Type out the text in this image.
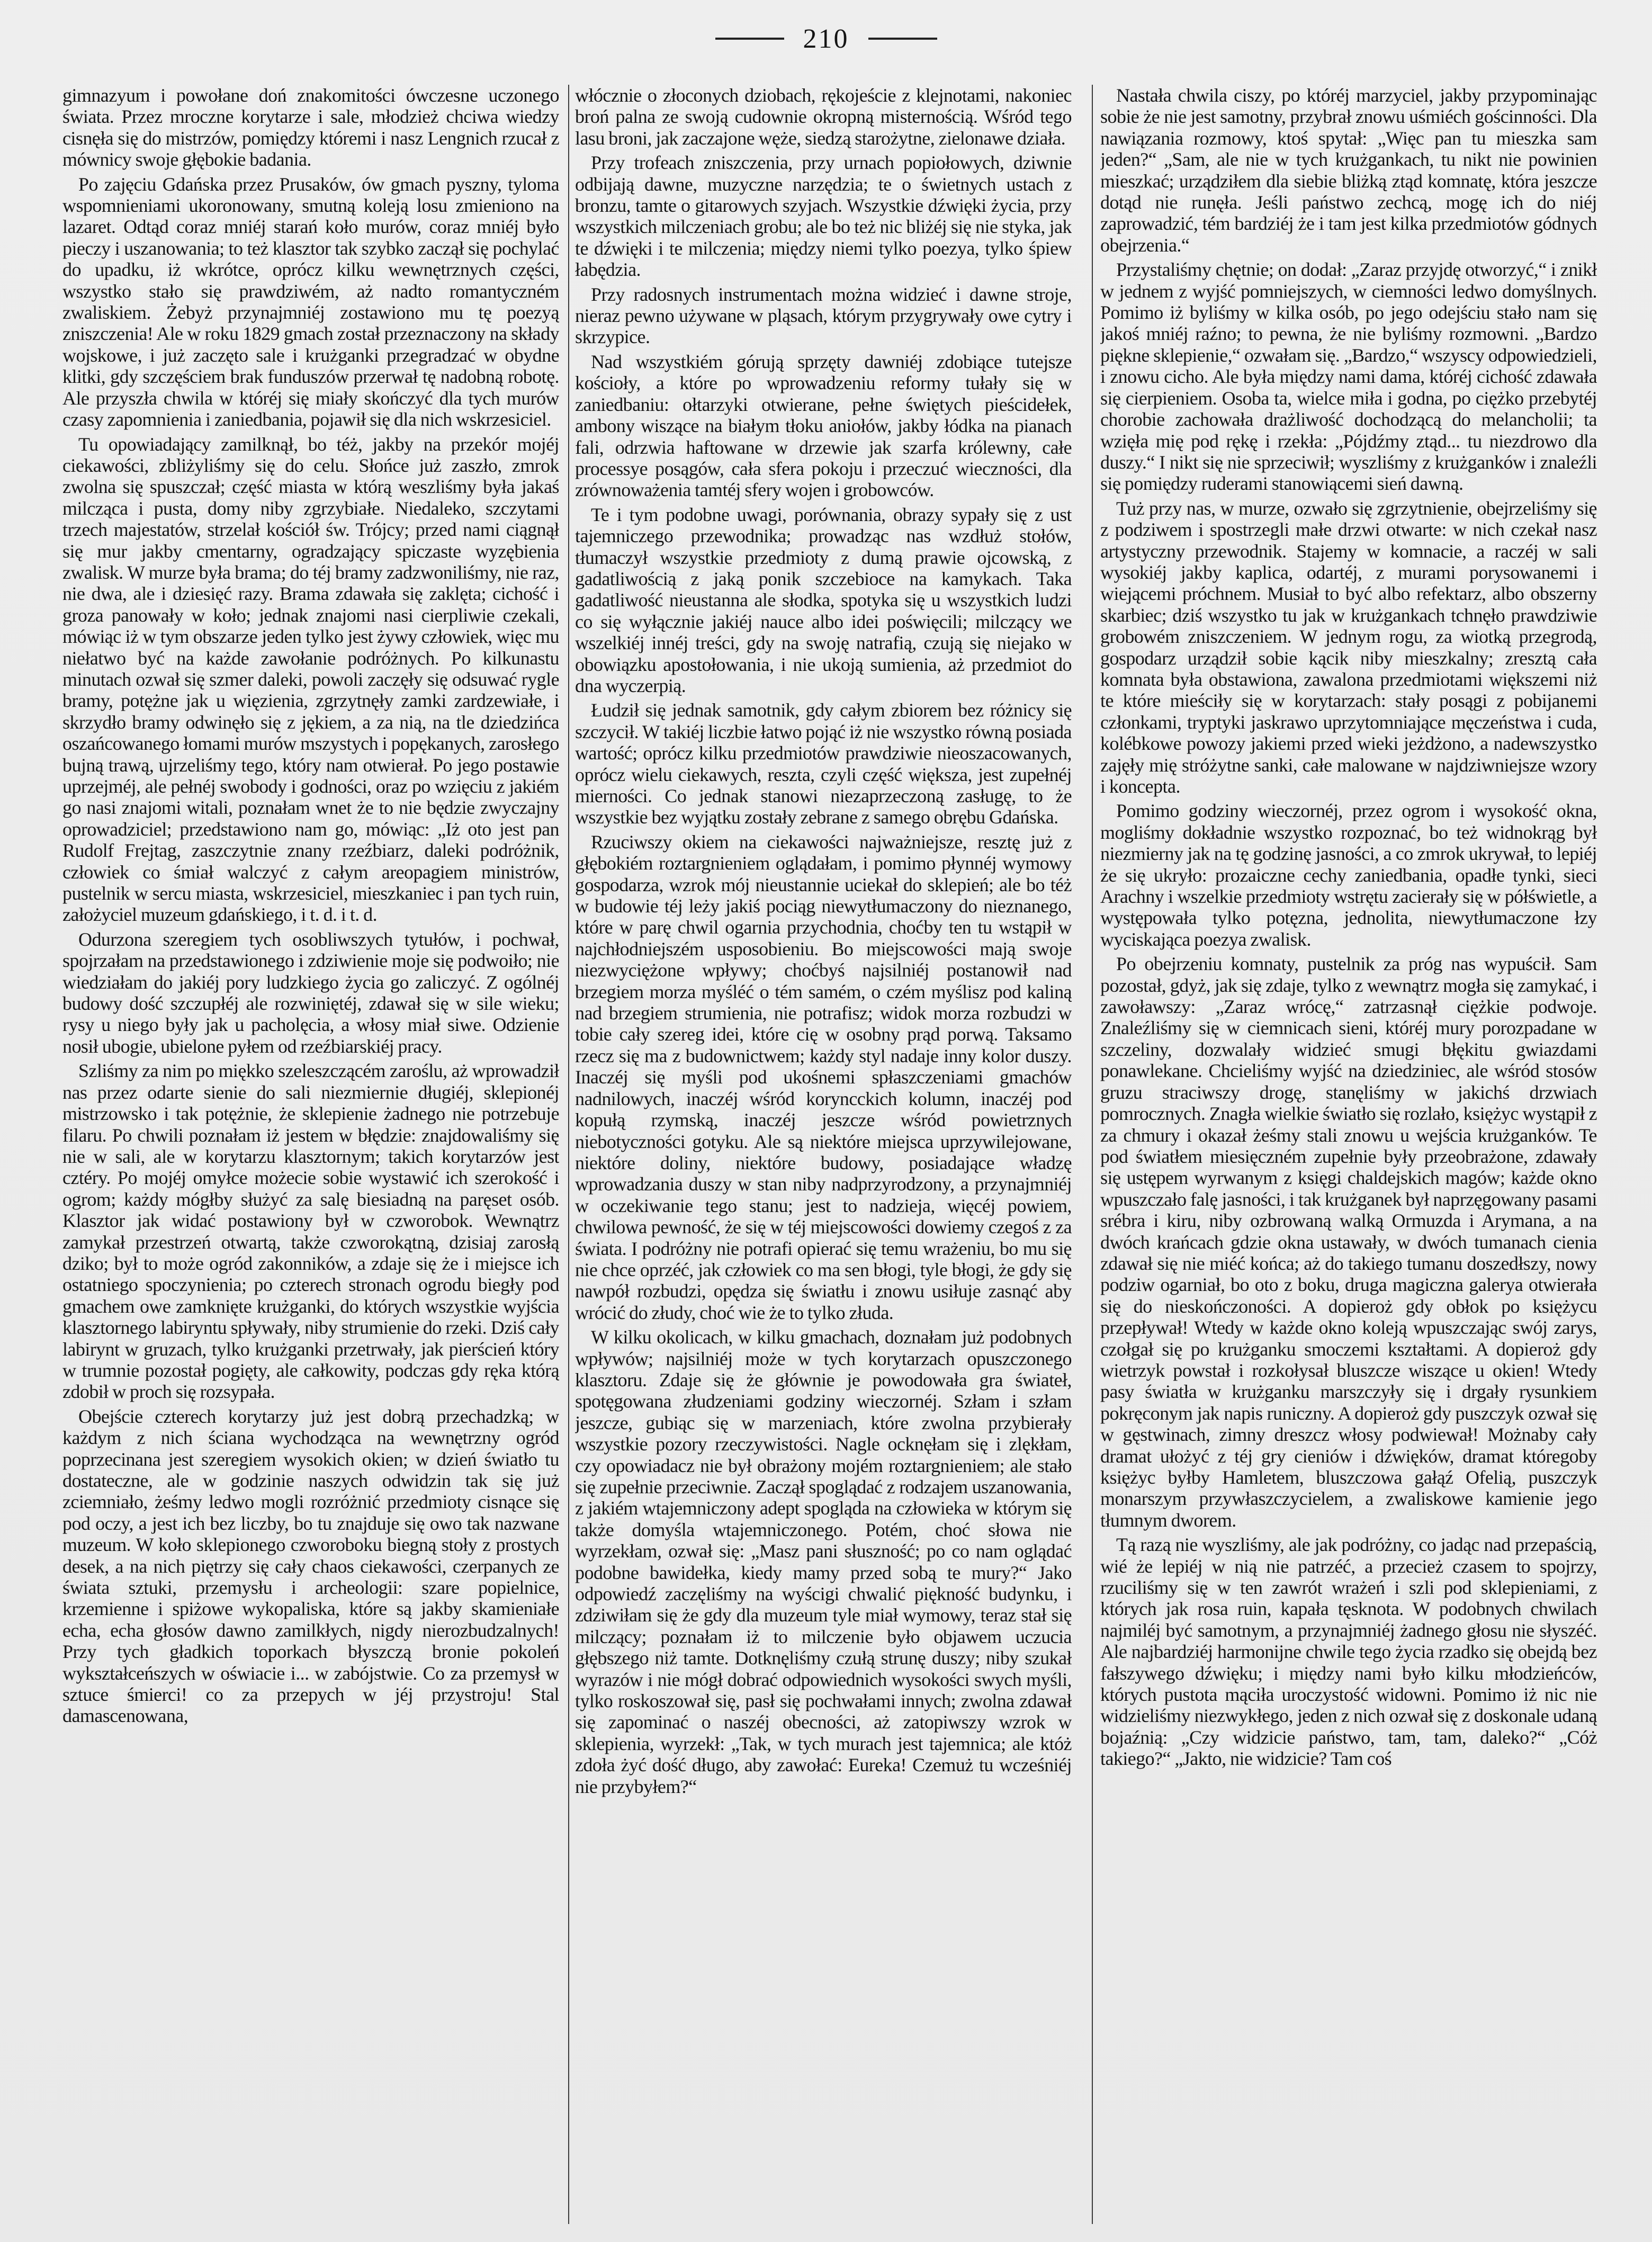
210

gimnazyum i powołane doń znakomitości ówczesne uczonego świata. Przez mroczne korytarze i sale, młodzież chciwa wiedzy cisnęła się do mistrzów, pomiędzy któremi i nasz Lengnich rzucał z mównicy swoje głębokie badania.

Po zajęciu Gdańska przez Prusaków, ów gmach pyszny, tyloma wspomnieniami ukoronowany, smutną koleją losu zmieniono na lazaret. Odtąd coraz mniéj starań koło murów, coraz mniéj było pieczy i uszanowania; to też klasztor tak szybko zaczął się pochylać do upadku, iż wkrótce, oprócz kilku wewnętrznych części, wszystko stało się prawdziwém, aż nadto romantyczném zwaliskiem. Żebyż przynajmniéj zostawiono mu tę poezyą zniszczenia! Ale w roku 1829 gmach został przeznaczony na składy wojskowe, i już zaczęto sale i krużganki przegradzać w obydne klitki, gdy szczęściem brak funduszów przerwał tę nadobną robotę. Ale przyszła chwila w któréj się miały skończyć dla tych murów czasy zapomnienia i zaniedbania, pojawił się dla nich wskrzesiciel.

Tu opowiadający zamilknął, bo téż, jakby na przekór mojéj ciekawości, zbliżyliśmy się do celu. Słońce już zaszło, zmrok zwolna się spuszczał; część miasta w którą weszliśmy była jakaś milcząca i pusta, domy niby zgrzybiałe. Niedaleko, szczytami trzech majestatów, strzelał kościół św. Trójcy; przed nami ciągnął się mur jakby cmentarny, ogradzający spiczaste wyzębienia zwalisk. W murze była brama; do téj bramy zadzwoniliśmy, nie raz, nie dwa, ale i dziesięć razy. Brama zdawała się zaklęta; cichość i groza panowały w koło; jednak znajomi nasi cierpliwie czekali, mówiąc iż w tym obszarze jeden tylko jest żywy człowiek, więc mu niełatwo być na każde zawołanie podróżnych. Po kilkunastu minutach ozwał się szmer daleki, powoli zaczęły się odsuwać rygle bramy, potężne jak u więzienia, zgrzytnęły zamki zardzewiałe, i skrzydło bramy odwinęło się z jękiem, a za nią, na tle dziedzińca oszańcowanego łomami murów mszystych i popękanych, zarosłego bujną trawą, ujrzeliśmy tego, który nam otwierał. Po jego postawie uprzejméj, ale pełnéj swobody i godności, oraz po wzięciu z jakiém go nasi znajomi witali, poznałam wnet że to nie będzie zwyczajny oprowadziciel; przedstawiono nam go, mówiąc: „Iż oto jest pan Rudolf Frejtag, zaszczytnie znany rzeźbiarz, daleki podróżnik, człowiek co śmiał walczyć z całym areopagiem ministrów, pustelnik w sercu miasta, wskrzesiciel, mieszkaniec i pan tych ruin, założyciel muzeum gdańskiego, i t. d. i t. d.

Odurzona szeregiem tych osobliwszych tytułów, i pochwał, spojrzałam na przedstawionego i zdziwienie moje się podwoiło; nie wiedziałam do jakiéj pory ludzkiego życia go zaliczyć. Z ogólnéj budowy dość szczupłéj ale rozwiniętéj, zdawał się w sile wieku; rysy u niego były jak u pacholęcia, a włosy miał siwe. Odzienie nosił ubogie, ubielone pyłem od rzeźbiarskiéj pracy.

Szliśmy za nim po miękko szeleszczącém zaroślu, aż wprowadził nas przez odarte sienie do sali niezmiernie długiéj, sklepionéj mistrzowsko i tak potężnie, że sklepienie żadnego nie potrzebuje filaru. Po chwili poznałam iż jestem w błędzie: znajdowaliśmy się nie w sali, ale w korytarzu klasztornym; takich korytarzów jest cztéry. Po mojéj omyłce możecie sobie wystawić ich szerokość i ogrom; każdy mógłby służyć za salę biesiadną na paręset osób. Klasztor jak widać postawiony był w czworobok. Wewnątrz zamykał przestrzeń otwartą, także czworokątną, dzisiaj zarosłą dziko; był to może ogród zakonników, a zdaje się że i miejsce ich ostatniego spoczynienia; po czterech stronach ogrodu biegły pod gmachem owe zamknięte krużganki, do których wszystkie wyjścia klasztornego labiryntu spływały, niby strumienie do rzeki. Dziś cały labirynt w gruzach, tylko krużganki przetrwały, jak pierścień który w trumnie pozostał pogięty, ale całkowity, podczas gdy ręka którą zdobił w proch się rozsypała.

Obejście czterech korytarzy już jest dobrą przechadzką; w każdym z nich ściana wychodząca na wewnętrzny ogród poprzecinana jest szeregiem wysokich okien; w dzień światło tu dostateczne, ale w godzinie naszych odwidzin tak się już zciemniało, żeśmy ledwo mogli rozróżnić przedmioty cisnące się pod oczy, a jest ich bez liczby, bo tu znajduje się owo tak nazwane muzeum. W koło sklepionego czworoboku biegną stoły z prostych desek, a na nich piętrzy się cały chaos ciekawości, czerpanych ze świata sztuki, przemysłu i archeologii: szare popielnice, krzemienne i spiżowe wykopaliska, które są jakby skamieniałe echa, echa głosów dawno zamilkłych, nigdy nierozbudzalnych! Przy tych gładkich toporkach błyszczą bronie pokoleń wykształceńszych w oświacie i... w zabójstwie. Co za przemysł w sztuce śmierci! co za przepych w jéj przystroju! Stal damascenowana,

włócznie o złoconych dziobach, rękojeście z klejnotami, nakoniec broń palna ze swoją cudownie okropną misternością. Wśród tego lasu broni, jak zaczajone węże, siedzą starożytne, zielonawe działa.

Przy trofeach zniszczenia, przy urnach popiołowych, dziwnie odbijają dawne, muzyczne narzędzia; te o świetnych ustach z bronzu, tamte o gitarowych szyjach. Wszystkie dźwięki życia, przy wszystkich milczeniach grobu; ale bo też nic bliżéj się nie styka, jak te dźwięki i te milczenia; między niemi tylko poezya, tylko śpiew łabędzia.

Przy radosnych instrumentach można widzieć i dawne stroje, nieraz pewno używane w pląsach, którym przygrywały owe cytry i skrzypice.

Nad wszystkiém górują sprzęty dawniéj zdobiące tutejsze kościoły, a które po wprowadzeniu reformy tułały się w zaniedbaniu: ołtarzyki otwierane, pełne świętych pieścidełek, ambony wiszące na białym tłoku aniołów, jakby łódka na pianach fali, odrzwia haftowane w drzewie jak szarfa królewny, całe processye posągów, cała sfera pokoju i przeczuć wieczności, dla zrównoważenia tamtéj sfery wojen i grobowców.

Te i tym podobne uwagi, porównania, obrazy sypały się z ust tajemniczego przewodnika; prowadząc nas wzdłuż stołów, tłumaczył wszystkie przedmioty z dumą prawie ojcowską, z gadatliwością z jaką ponik szczebioce na kamykach. Taka gadatliwość nieustanna ale słodka, spotyka się u wszystkich ludzi co się wyłącznie jakiéj nauce albo idei poświęcili; milczący we wszelkiéj innéj treści, gdy na swoję natrafią, czują się niejako w obowiązku apostołowania, i nie ukoją sumienia, aż przedmiot do dna wyczerpią.

Łudził się jednak samotnik, gdy całym zbiorem bez różnicy się szczycił. W takiéj liczbie łatwo pojąć iż nie wszystko równą posiada wartość; oprócz kilku przedmiotów prawdziwie nieoszacowanych, oprócz wielu ciekawych, reszta, czyli część większa, jest zupełnéj mierności. Co jednak stanowi niezaprzeczoną zasługę, to że wszystkie bez wyjątku zostały zebrane z samego obrębu Gdańska.

Rzuciwszy okiem na ciekawości najważniejsze, resztę już z głębokiém roztargnieniem oglądałam, i pomimo płynnéj wymowy gospodarza, wzrok mój nieustannie uciekał do sklepień; ale bo téż w budowie téj leży jakiś pociąg niewytłumaczony do nieznanego, które w parę chwil ogarnia przychodnia, choćby ten tu wstąpił w najchłodniejszém usposobieniu. Bo miejscowości mają swoje niezwyciężone wpływy; choćbyś najsilniéj postanowił nad brzegiem morza myśléć o tém samém, o czém myślisz pod kaliną nad brzegiem strumienia, nie potrafisz; widok morza rozbudzi w tobie cały szereg idei, które cię w osobny prąd porwą. Taksamo rzecz się ma z budownictwem; każdy styl nadaje inny kolor duszy. Inaczéj się myśli pod ukośnemi spłaszczeniami gmachów nadnilowych, inaczéj wśród koryncckich kolumn, inaczéj pod kopułą rzymską, inaczéj jeszcze wśród powietrznych niebotyczności gotyku. Ale są niektóre miejsca uprzywilejowane, niektóre doliny, niektóre budowy, posiadające władzę wprowadzania duszy w stan niby nadprzyrodzony, a przynajmniéj w oczekiwanie tego stanu; jest to nadzieja, więcéj powiem, chwilowa pewność, że się w téj miejscowości dowiemy czegoś z za świata. I podróżny nie potrafi opierać się temu wrażeniu, bo mu się nie chce oprzéć, jak człowiek co ma sen błogi, tyle błogi, że gdy się nawpół rozbudzi, opędza się światłu i znowu usiłuje zasnąć aby wrócić do złudy, choć wie że to tylko złuda.

W kilku okolicach, w kilku gmachach, doznałam już podobnych wpływów; najsilniéj może w tych korytarzach opuszczonego klasztoru. Zdaje się że głównie je powodowała gra świateł, spotęgowana złudzeniami godziny wieczornéj. Szłam i szłam jeszcze, gubiąc się w marzeniach, które zwolna przybierały wszystkie pozory rzeczywistości. Nagle ocknęłam się i zlękłam, czy opowiadacz nie był obrażony mojém roztargnieniem; ale stało się zupełnie przeciwnie. Zaczął spoglądać z rodzajem uszanowania, z jakiém wtajemniczony adept spogląda na człowieka w którym się także domyśla wtajemniczonego. Potém, choć słowa nie wyrzekłam, ozwał się: „Masz pani słuszność; po co nam oglądać podobne bawidełka, kiedy mamy przed sobą te mury?“ Jako odpowiedź zaczęliśmy na wyścigi chwalić piękność budynku, i zdziwiłam się że gdy dla muzeum tyle miał wymowy, teraz stał się milczący; poznałam iż to milczenie było objawem uczucia głębszego niż tamte. Dotknęliśmy czułą strunę duszy; niby szukał wyrazów i nie mógł dobrać odpowiednich wysokości swych myśli, tylko roskoszował się, pasł się pochwałami innych; zwolna zdawał się zapominać o naszéj obecności, aż zatopiwszy wzrok w sklepienia, wyrzekł: „Tak, w tych murach jest tajemnica; ale któż zdoła żyć dość długo, aby zawołać: Eureka! Czemuż tu wcześniéj nie przybyłem?“

Nastała chwila ciszy, po któréj marzyciel, jakby przypominając sobie że nie jest samotny, przybrał znowu uśmiéch gościnności. Dla nawiązania rozmowy, ktoś spytał: „Więc pan tu mieszka sam jeden?“ „Sam, ale nie w tych krużgankach, tu nikt nie powinien mieszkać; urządziłem dla siebie bliżką ztąd komnatę, która jeszcze dotąd nie runęła. Jeśli państwo zechcą, mogę ich do niéj zaprowadzić, tém bardziéj że i tam jest kilka przedmiotów gódnych obejrzenia.“

Przystaliśmy chętnie; on dodał: „Zaraz przyjdę otworzyć,“ i znikł w jednem z wyjść pomniejszych, w ciemności ledwo domyślnych. Pomimo iż byliśmy w kilka osób, po jego odejściu stało nam się jakoś mniéj raźno; to pewna, że nie byliśmy rozmowni. „Bardzo piękne sklepienie,“ ozwałam się. „Bardzo,“ wszyscy odpowiedzieli, i znowu cicho. Ale była między nami dama, któréj cichość zdawała się cierpieniem. Osoba ta, wielce miła i godna, po ciężko przebytéj chorobie zachowała drażliwość dochodzącą do melancholii; ta wzięła mię pod rękę i rzekła: „Pójdźmy ztąd... tu niezdrowo dla duszy.“ I nikt się nie sprzeciwił; wyszliśmy z krużganków i znaleźli się pomiędzy ruderami stanowiącemi sień dawną.

Tuż przy nas, w murze, ozwało się zgrzytnienie, obejrzeliśmy się z podziwem i spostrzegli małe drzwi otwarte: w nich czekał nasz artystyczny przewodnik. Stajemy w komnacie, a raczéj w sali wysokiéj jakby kaplica, odartéj, z murami porysowanemi i wiejącemi próchnem. Musiał to być albo refektarz, albo obszerny skarbiec; dziś wszystko tu jak w krużgankach tchnęło prawdziwie grobowém zniszczeniem. W jednym rogu, za wiotką przegrodą, gospodarz urządził sobie kącik niby mieszkalny; zresztą cała komnata była obstawiona, zawalona przedmiotami większemi niż te które mieściły się w korytarzach: stały posągi z pobijanemi członkami, tryptyki jaskrawo uprzytomniające męczeństwa i cuda, kolébkowe powozy jakiemi przed wieki jeżdżono, a nadewszystko zajęły mię stróżytne sanki, całe malowane w najdziwniejsze wzory i koncepta.

Pomimo godziny wieczornéj, przez ogrom i wysokość okna, mogliśmy dokładnie wszystko rozpoznać, bo też widnokrąg był niezmierny jak na tę godzinę jasności, a co zmrok ukrywał, to lepiéj że się ukryło: prozaiczne cechy zaniedbania, opadłe tynki, sieci Arachny i wszelkie przedmioty wstrętu zacierały się w półświetle, a występowała tylko potęzna, jednolita, niewytłumaczone łzy wyciskająca poezya zwalisk.

Po obejrzeniu komnaty, pustelnik za próg nas wypuścił. Sam pozostał, gdyż, jak się zdaje, tylko z wewnątrz mogła się zamykać, i zawoławszy: „Zaraz wrócę,“ zatrzasnął ciężkie podwoje. Znaleźliśmy się w ciemnicach sieni, któréj mury porozpadane w szczeliny, dozwalały widzieć smugi błękitu gwiazdami ponawlekane. Chcieliśmy wyjść na dziedziniec, ale wśród stosów gruzu straciwszy drogę, stanęliśmy w jakichś drzwiach pomrocznych. Znagła wielkie światło się rozlało, księżyc wystąpił z za chmury i okazał żeśmy stali znowu u wejścia krużganków. Te pod światłem miesięczném zupełnie były przeobrażone, zdawały się ustępem wyrwanym z księgi chaldejskich magów; każde okno wpuszczało falę jasności, i tak krużganek był naprzęgowany pasami srébra i kiru, niby ozbrowaną walką Ormuzda i Arymana, a na dwóch krańcach gdzie okna ustawały, w dwóch tumanach cienia zdawał się nie miéć końca; aż do takiego tumanu doszedłszy, nowy podziw ogarniał, bo oto z boku, druga magiczna galerya otwierała się do nieskończoności. A dopieroż gdy obłok po księżycu przepływał! Wtedy w każde okno koleją wpuszczając swój zarys, czołgał się po krużganku smoczemi kształtami. A dopieroż gdy wietrzyk powstał i rozkołysał bluszcze wiszące u okien! Wtedy pasy światła w krużganku marszczyły się i drgały rysunkiem pokręconym jak napis runiczny. A dopieroż gdy puszczyk ozwał się w gęstwinach, zimny dreszcz włosy podwiewał! Możnaby cały dramat ułożyć z téj gry cieniów i dźwięków, dramat któregoby księżyc byłby Hamletem, bluszczowa gałąź Ofelią, puszczyk monarszym przywłaszczycielem, a zwaliskowe kamienie jego tłumnym dworem.

Tą razą nie wyszliśmy, ale jak podróżny, co jadąc nad przepaścią, wié że lepiéj w nią nie patrzéć, a przecież czasem to spojrzy, rzuciliśmy się w ten zawrót wrażeń i szli pod sklepieniami, z których jak rosa ruin, kapała tęsknota. W podobnych chwilach najmiléj być samotnym, a przynajmniéj żadnego głosu nie słyszéć. Ale najbardziéj harmonijne chwile tego życia rzadko się obejdą bez fałszywego dźwięku; i między nami było kilku młodzieńców, których pustota mąciła uroczystość widowni. Pomimo iż nic nie widzieliśmy niezwykłego, jeden z nich ozwał się z doskonale udaną bojaźnią: „Czy widzicie państwo, tam, tam, daleko?“ „Cóż takiego?“ „Jakto, nie widzicie? Tam coś
